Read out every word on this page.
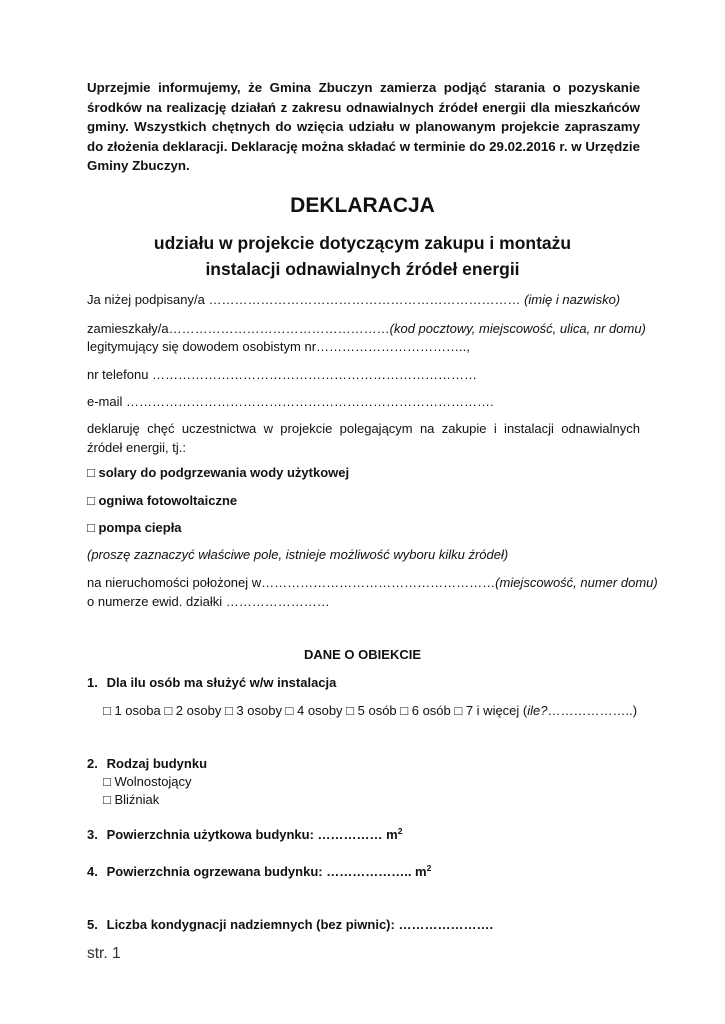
Uprzejmie informujemy, że Gmina Zbuczyn zamierza podjąć starania o pozyskanie środków na realizację działań z zakresu odnawialnych źródeł energii dla mieszkańców gminy. Wszystkich chętnych do wzięcia udziału w planowanym projekcie zapraszamy do złożenia deklaracji. Deklarację można składać w terminie do 29.02.2016 r. w Urzędzie Gminy Zbuczyn.
DEKLARACJA
udziału w projekcie dotyczącym zakupu i montażu
instalacji odnawialnych źródeł energii
Ja niżej podpisany/a ……………………………………………………………… (imię i nazwisko)
zamieszkały/a …………………………………………… (kod pocztowy, miejscowość, ulica, nr domu)
legitymujący się dowodem osobistym nr……………………………..,
nr telefonu …………………………………………………………………
e-mail ………………………………………………………………………….
deklaruję chęć uczestnictwa w projekcie polegającym na zakupie i instalacji odnawialnych źródeł energii, tj.:
□ solary do podgrzewania wody użytkowej
□ ogniwa fotowoltaiczne
□ pompa ciepła
(proszę zaznaczyć właściwe pole, istnieje możliwość wyboru kilku źródeł)
na nieruchomości położonej w ……………………………………………… (miejscowość, numer domu)
o numerze ewid. działki ……………………
DANE O OBIEKCIE
1. Dla ilu osób ma służyć w/w instalacja
□ 1 osoba □ 2 osoby □ 3 osoby □ 4 osoby □ 5 osób □ 6 osób □ 7 i więcej (ile?………………..)
2. Rodzaj budynku
□ Wolnostojący
□ Bliźniak
3. Powierzchnia użytkowa budynku: …………… $m^2$
4. Powierzchnia ogrzewana budynku: ……………….. $m^2$
5. Liczba kondygnacji nadziemnych (bez piwnic): ………………….
str. 1
